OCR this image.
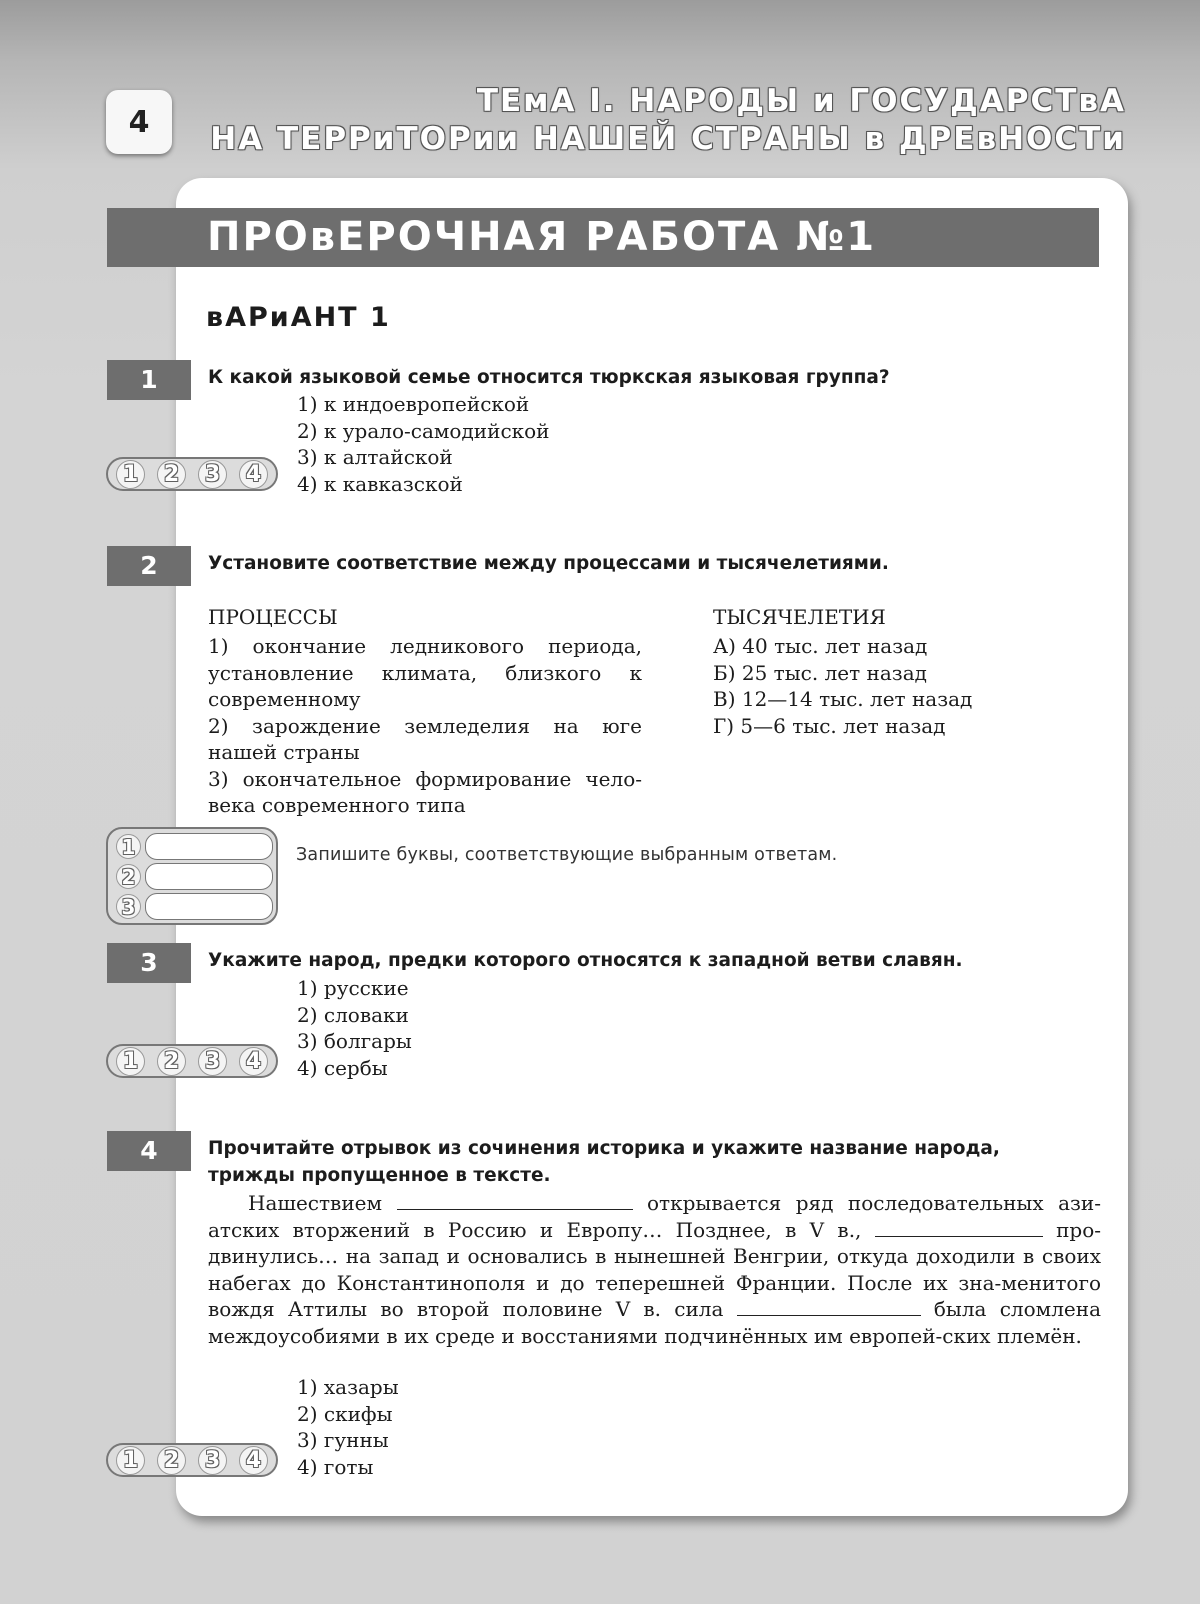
4
ТЕмА I. НАРОДЫ и ГОСУДАРСТвА
НА ТЕРРиТОРии НАШЕЙ СТРАНЫ в ДРЕвНОСТи
ПРОвЕРОЧНАЯ РАБОТА №1
вАРиАНТ 1
1	К какой языковой семье относится тюркская языковая группа?
1) к индоевропейской
2) к урало-самодийской
3) к алтайской
4) к кавказской
1	2	3	4
2	Установите соответствие между процессами и тысячелетиями.
ПРОЦЕССЫ
1) окончание ледникового периода, установление климата, близкого к современному
2) зарождение земледелия на юге нашей страны
3) окончательное формирование чело-века современного типа
ТЫСЯЧЕЛЕТИЯ
А) 40 тыс. лет назад
Б) 25 тыс. лет назад
В) 12—14 тыс. лет назад
Г) 5—6 тыс. лет назад
1
2
3
Запишите буквы, соответствующие выбранным ответам.
3	Укажите народ, предки которого относятся к западной ветви славян.
1) русские
2) словаки
3) болгары
4) сербы
1	2	3	4
4	Прочитайте отрывок из сочинения историка и укажите название народа,
трижды пропущенное в тексте.
Нашествием	открывается ряд последовательных ази-атских вторжений в Россию и Европу… Позднее, в V в.,	про-двинулись… на запад и основались в нынешней Венгрии, откуда доходили в своих набегах до Константинополя и до теперешней Франции. После их зна-менитого вождя Аттилы во второй половине V в. сила	была сломлена междоусобиями в их среде и восстаниями подчинённых им европей-ских племён.
1) хазары
2) скифы
3) гунны
4) готы
1	2	3	4
